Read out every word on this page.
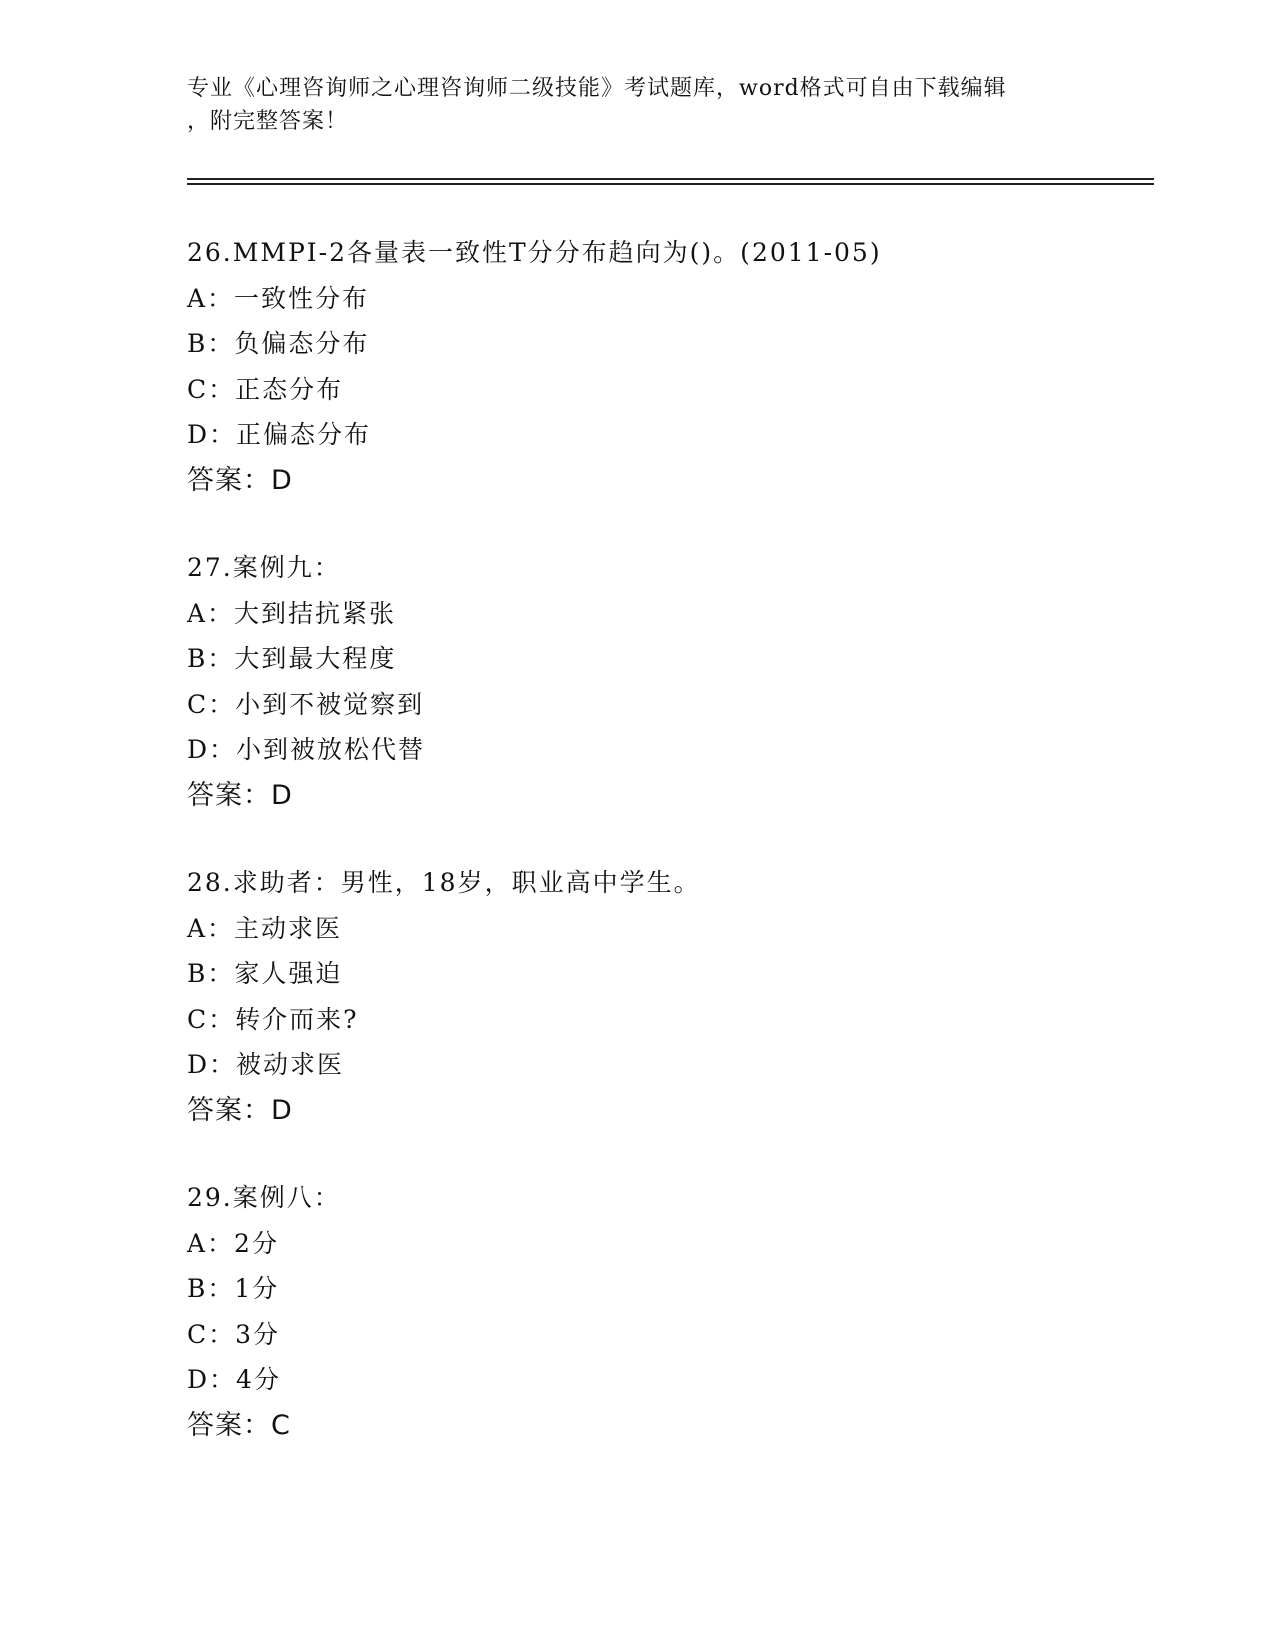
专业《心理咨询师之心理咨询师二级技能》考试题库，word格式可自由下载编辑
，附完整答案！
26.MMPI-2各量表一致性T分分布趋向为()。(2011-05)
A：一致性分布
B：负偏态分布
C：正态分布
D：正偏态分布
答案：D
27.案例九：
A：大到拮抗紧张
B：大到最大程度
C：小到不被觉察到
D：小到被放松代替
答案：D
28.求助者：男性，18岁，职业高中学生。
A：主动求医
B：家人强迫
C：转介而来?
D：被动求医
答案：D
29.案例八：
A：2分
B：1分
C：3分
D：4分
答案：C
